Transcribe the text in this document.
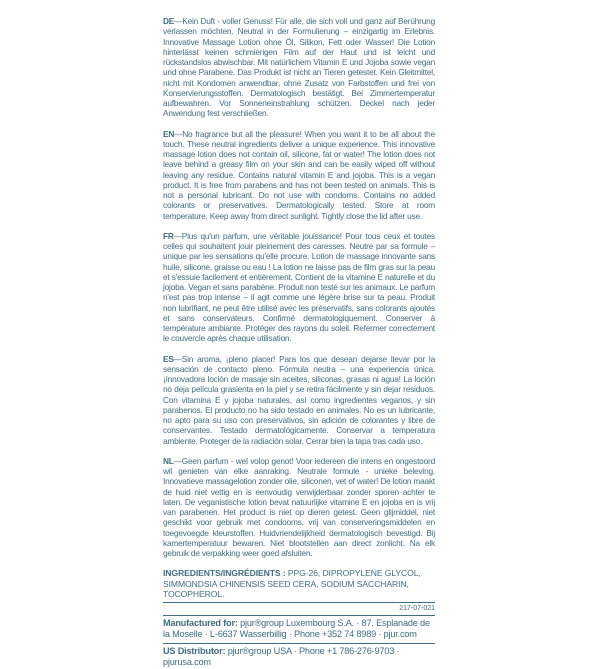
DE—Kein Duft - voller Genuss! Für alle, die sich voll und ganz auf Berührung verlassen möchten. Neutral in der Formulierung – einzigartig im Erlebnis. Innovative Massage Lotion ohne Öl, Silikon, Fett oder Wasser! Die Lotion hinterlässt keinen schmierigen Film auf der Haut und ist leicht und rückstandslos abwischbar. Mit natürlichem Vitamin E und Jojoba sowie vegan und ohne Parabene. Das Produkt ist nicht an Tieren getestet. Kein Gleitmittel, nicht mit Kondomen anwendbar, ohne Zusatz von Farbstoffen und frei von Konservierungsstoffen. Dermatologisch bestätigt. Bei Zimmertemperatur aufbewahren. Vor Sonneneinstrahlung schützen. Deckel nach jeder Anwendung fest verschließen.

EN—No fragrance but all the pleasure! When you want it to be all about the touch. These neutral ingredients deliver a unique experience. This innovative massage lotion does not contain oil, silicone, fat or water! The lotion does not leave behind a greasy film on your skin and can be easily wiped off without leaving any residue. Contains natural vitamin E and jojoba. This is a vegan product. It is free from parabens and has not been tested on animals. This is not a personal lubricant. Do not use with condoms. Contains no added colorants or preservatives. Dermatologically tested. Store at room temperature. Keep away from direct sunlight. Tightly close the lid after use.

FR—Plus qu'un parfum, une véritable jouissance! Pour tous ceux et toutes celles qui souhaitent jouir pleinement des caresses. Neutre par sa formule – unique par les sensations qu'elle procure. Lotion de massage innovante sans huile, silicone, graisse ou eau ! La lotion ne laisse pas de film gras sur la peau et s'essuie facilement et entièrement. Contient de la vitamine E naturelle et du jojoba. Vegan et sans parabène. Produit non testé sur les animaux. Le parfum n'est pas trop intense – il agit comme une légère brise sur ta peau. Produit non lubrifiant, ne peut être utilisé avec les préservatifs, sans colorants ajoutés et sans conservateurs. Confirmé dermatologiquement. Conserver à température ambiante. Protéger des rayons du soleil. Refermer correctement le couvercle après chaque utilisation.

ES—Sin aroma, ¡pleno placer! Para los que desean dejarse llevar por la sensación de contacto pleno. Fórmula neutra – una experiencia única. ¡Innovadora loción de masaje sin aceites, siliconas, grasas ni agua! La loción no deja película grasienta en la piel y se retira fácilmente y sin dejar residuos. Con vitamina E y jojoba naturales, así como ingredientes veganos, y sin parabenos. El producto no ha sido testado en animales. No es un lubricante, no apto para su uso con preservativos, sin adición de colorantes y libre de conservantes. Testado dermatológicamente. Conservar a temperatura ambiente. Proteger de la radiación solar. Cerrar bien la tapa tras cada uso.

NL—Geen parfum - wel volop genot! Voor iedereen die intens en ongestoord wil genieten van elke aanraking. Neutrale formule - unieke beleving. Innovatieve massagelotion zonder olie, siliconen, vet of water! De lotion maakt de huid niet vettig en is eenvoudig verwijderbaar zonder sporen achter te laten. De veganistische lotion bevat natuurlijke vitamine E en jojoba en is vrij van parabenen. Het product is niet op dieren getest. Geen glijmiddel, niet geschikt voor gebruik met condooms, vrij van conserveringsmiddelen en toegevoegde kleurstoffen. Huidvriendelijkheid dermatologisch bevestigd. Bij kamertemperatuur bewaren. Niet blootstellen aan direct zonlicht. Na elk gebruik de verpakking weer goed afsluiten.

INGREDIENTS/INGRÉDIENTS : PPG-26, DIPROPYLENE GLYCOL, SIMMONDSIA CHINENSIS SEED CERA, SODIUM SACCHARIN, TOCOPHEROL.
217-07-021
Manufactured for: pjur®group Luxembourg S.A. · 87, Esplanade de la Moselle · L-6637 Wasserbillig · Phone +352 74 8989 · pjur.com
US Distributor: pjur®group USA · Phone +1 786-276-9703 · pjurusa.com
